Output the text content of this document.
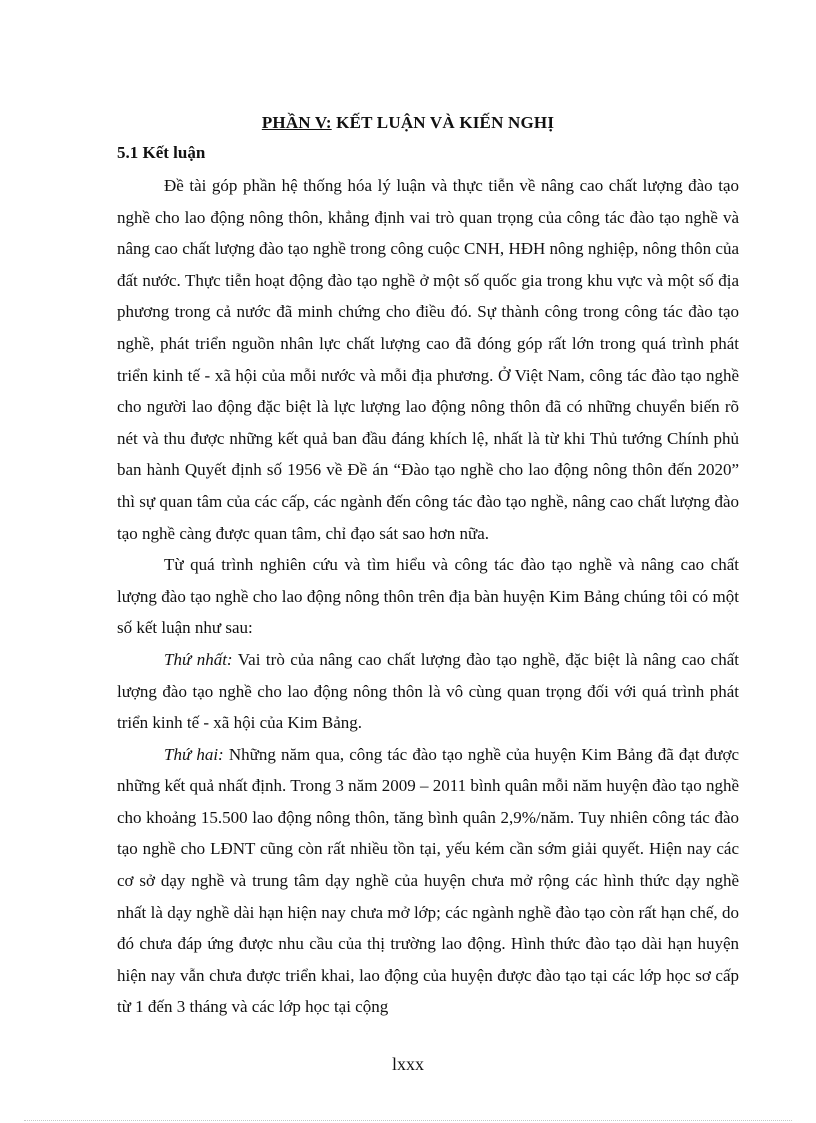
PHẦN V: KẾT LUẬN VÀ KIẾN NGHỊ
5.1 Kết luận

Đề tài góp phần hệ thống hóa lý luận và thực tiễn về nâng cao chất lượng đào tạo nghề cho lao động nông thôn, khẳng định vai trò quan trọng của công tác đào tạo nghề và nâng cao chất lượng đào tạo nghề trong công cuộc CNH, HĐH nông nghiệp, nông thôn của đất nước. Thực tiễn hoạt động đào tạo nghề ở một số quốc gia trong khu vực và một số địa phương trong cả nước đã minh chứng cho điều đó. Sự thành công trong công tác đào tạo nghề, phát triển nguồn nhân lực chất lượng cao đã đóng góp rất lớn trong quá trình phát triển kinh tế - xã hội của mỗi nước và mỗi địa phương. Ở Việt Nam, công tác đào tạo nghề cho người lao động đặc biệt là lực lượng lao động nông thôn đã có những chuyển biến rõ nét và thu được những kết quả ban đầu đáng khích lệ, nhất là từ khi Thủ tướng Chính phủ ban hành Quyết định số 1956 về Đề án “Đào tạo nghề cho lao động nông thôn đến 2020” thì sự quan tâm của các cấp, các ngành đến công tác đào tạo nghề, nâng cao chất lượng đào tạo nghề càng được quan tâm, chỉ đạo sát sao hơn nữa.

Từ quá trình nghiên cứu và tìm hiểu và công tác đào tạo nghề và nâng cao chất lượng đào tạo nghề cho lao động nông thôn trên địa bàn huyện Kim Bảng chúng tôi có một số kết luận như sau:

Thứ nhất: Vai trò của nâng cao chất lượng đào tạo nghề, đặc biệt là nâng cao chất lượng đào tạo nghề cho lao động nông thôn là vô cùng quan trọng đối với quá trình phát triển kinh tế - xã hội của Kim Bảng.

Thứ hai: Những năm qua, công tác đào tạo nghề của huyện Kim Bảng đã đạt được những kết quả nhất định. Trong 3 năm 2009 – 2011 bình quân mỗi năm huyện đào tạo nghề cho khoảng 15.500 lao động nông thôn, tăng bình quân 2,9%/năm. Tuy nhiên công tác đào tạo nghề cho LĐNT cũng còn rất nhiều tồn tại, yếu kém cần sớm giải quyết. Hiện nay các cơ sở dạy nghề và trung tâm dạy nghề của huyện chưa mở rộng các hình thức dạy nghề nhất là dạy nghề dài hạn hiện nay chưa mở lớp; các ngành nghề đào tạo còn rất hạn chế, do đó chưa đáp ứng được nhu cầu của thị trường lao động. Hình thức đào tạo dài hạn huyện hiện nay vẫn chưa được triển khai, lao động của huyện được đào tạo tại các lớp học sơ cấp từ 1 đến 3 tháng và các lớp học tại cộng

lxxx
